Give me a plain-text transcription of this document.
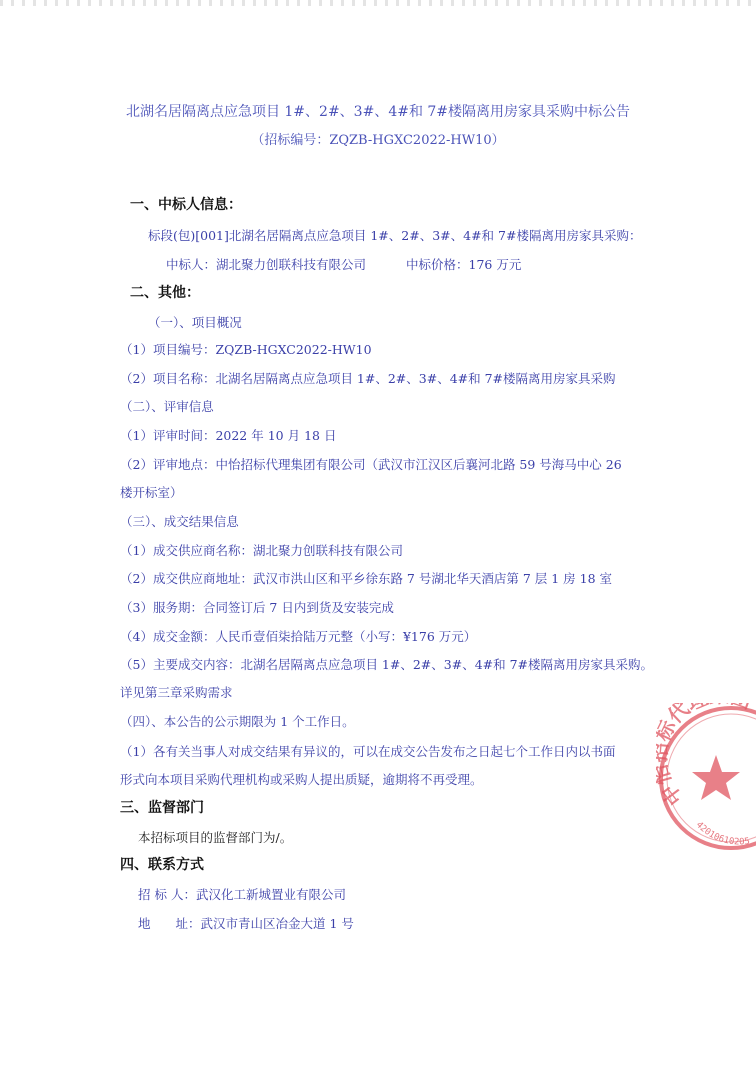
北湖名居隔离点应急项目 1#、2#、3#、4#和 7#楼隔离用房家具采购中标公告
（招标编号：ZQZB-HGXC2022-HW10）
一、中标人信息：
标段(包)[001]北湖名居隔离点应急项目 1#、2#、3#、4#和 7#楼隔离用房家具采购：
中标人：湖北聚力创联科技有限公司	中标价格：176 万元
二、其他：
（一）、项目概况
（1）项目编号：ZQZB-HGXC2022-HW10
（2）项目名称：北湖名居隔离点应急项目 1#、2#、3#、4#和 7#楼隔离用房家具采购
（二）、评审信息
（1）评审时间：2022 年 10 月 18 日
（2）评审地点：中怡招标代理集团有限公司（武汉市江汉区后襄河北路 59 号海马中心 26
楼开标室）
（三）、成交结果信息
（1）成交供应商名称：湖北聚力创联科技有限公司
（2）成交供应商地址：武汉市洪山区和平乡徐东路 7 号湖北华天酒店第 7 层 1 房 18 室
（3）服务期：合同签订后 7 日内到货及安装完成
（4）成交金额：人民币壹佰柒拾陆万元整（小写：¥176 万元）
（5）主要成交内容：北湖名居隔离点应急项目 1#、2#、3#、4#和 7#楼隔离用房家具采购。
详见第三章采购需求
（四）、本公告的公示期限为 1 个工作日。
（1）各有关当事人对成交结果有异议的，可以在成交公告发布之日起七个工作日内以书面
形式向本项目采购代理机构或采购人提出质疑，逾期将不再受理。
三、监督部门
本招标项目的监督部门为/。
四、联系方式
招 标 人：武汉化工新城置业有限公司
地　　址：武汉市青山区冶金大道 1 号
中 代
42010610205
